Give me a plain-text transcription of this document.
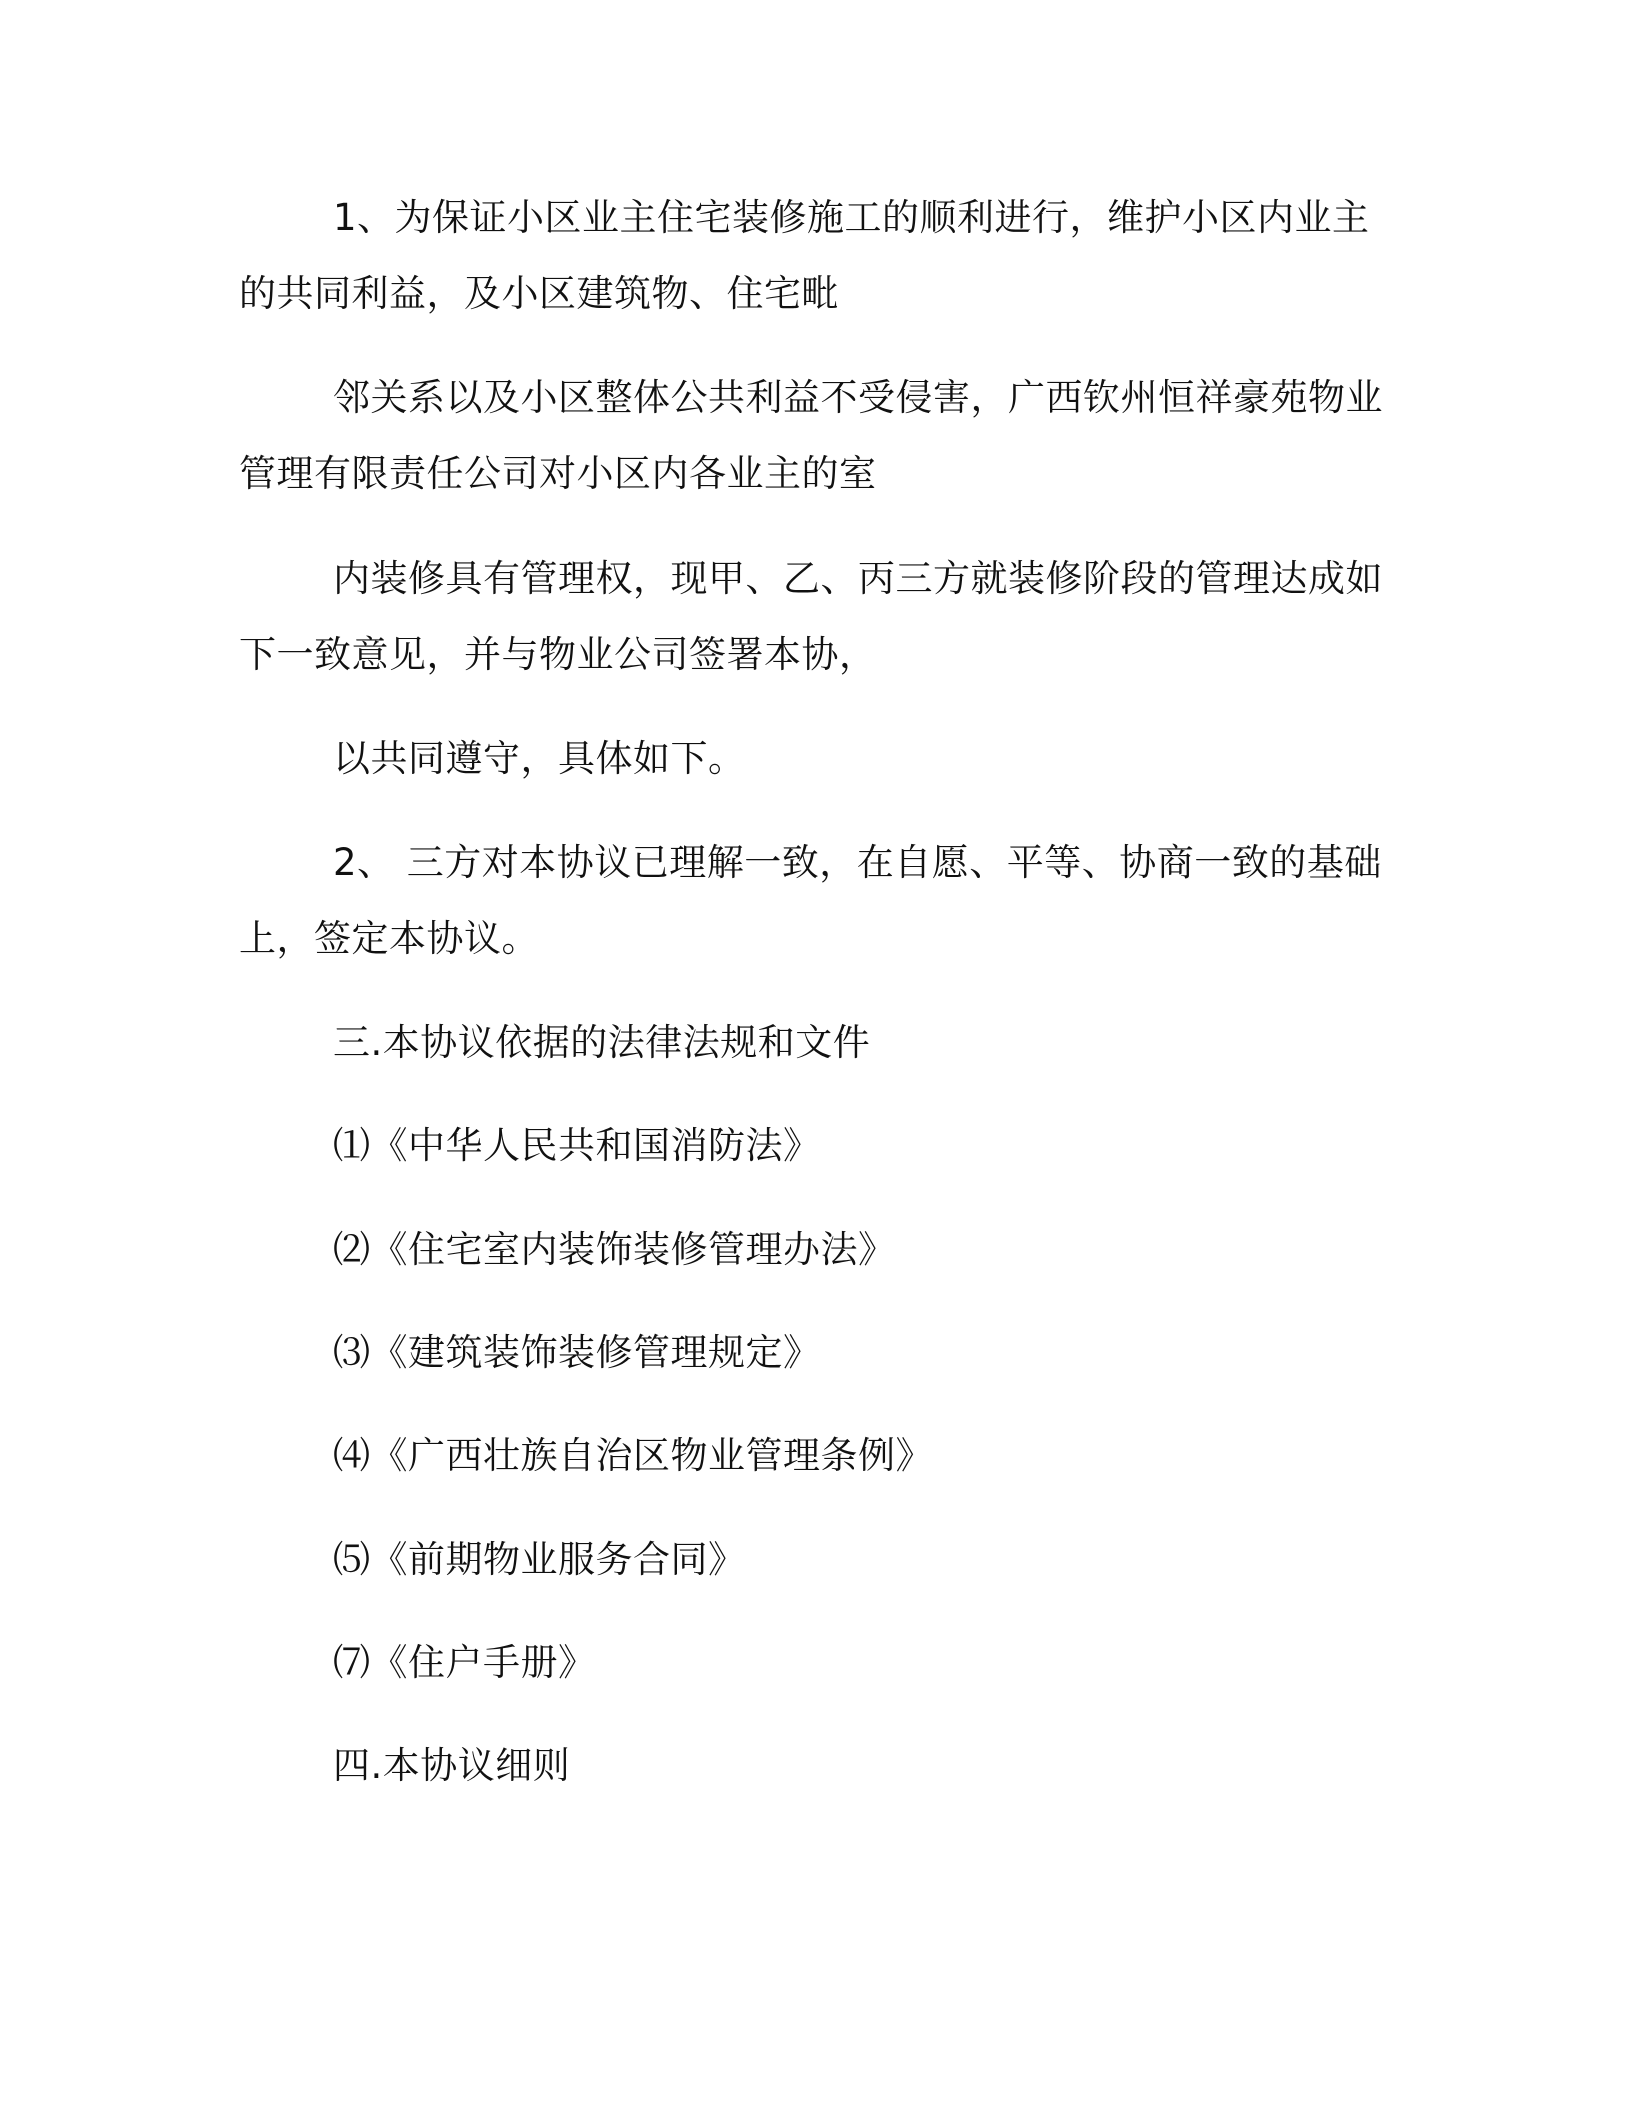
1、为保证小区业主住宅装修施工的顺利进行，维护小区内业主
的共同利益，及小区建筑物、住宅毗
邻关系以及小区整体公共利益不受侵害，广西钦州恒祥豪苑物业
管理有限责任公司对小区内各业主的室
内装修具有管理权，现甲、乙、丙三方就装修阶段的管理达成如
下一致意见，并与物业公司签署本协，
以共同遵守，具体如下。
2、 三方对本协议已理解一致，在自愿、平等、协商一致的基础
上，签定本协议。
三.本协议依据的法律法规和文件
⑴《中华人民共和国消防法》
⑵《住宅室内装饰装修管理办法》
⑶《建筑装饰装修管理规定》
⑷《广西壮族自治区物业管理条例》
⑸《前期物业服务合同》
⑺《住户手册》
四.本协议细则
